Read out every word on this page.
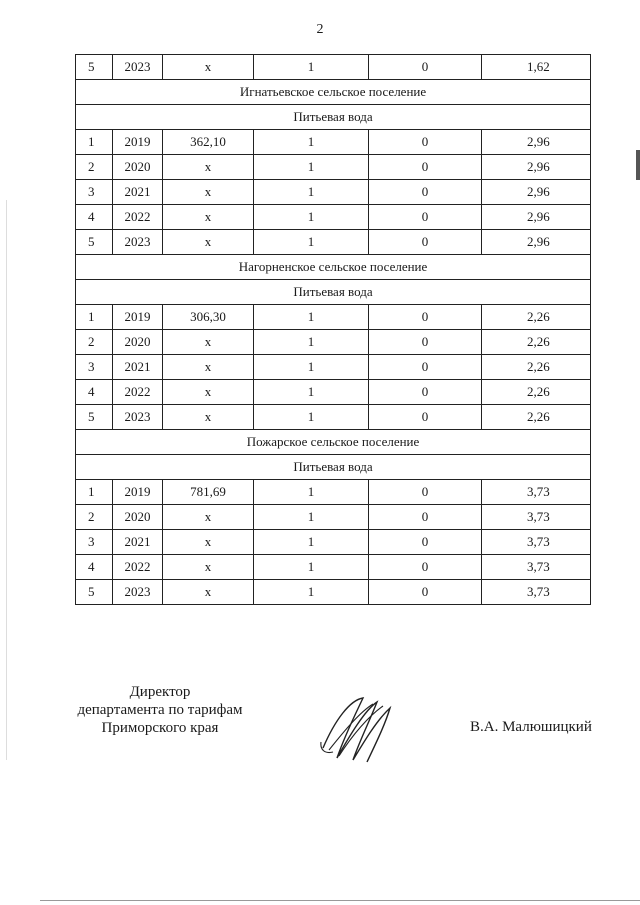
2
5	2023	x	1	0	1,62
Игнатьевское сельское поселение					
Питьевая вода					
1	2019	362,10	1	0	2,96
2	2020	x	1	0	2,96
3	2021	x	1	0	2,96
4	2022	x	1	0	2,96
5	2023	x	1	0	2,96
Нагорненское сельское поселение					
Питьевая вода					
1	2019	306,30	1	0	2,26
2	2020	x	1	0	2,26
3	2021	x	1	0	2,26
4	2022	x	1	0	2,26
5	2023	x	1	0	2,26
Пожарское сельское поселение					
Питьевая вода					
1	2019	781,69	1	0	3,73
2	2020	x	1	0	3,73
3	2021	x	1	0	3,73
4	2022	x	1	0	3,73
5	2023	x	1	0	3,73
Директор
департамента по тарифам
Приморского края	В.А. Малюшицкий
